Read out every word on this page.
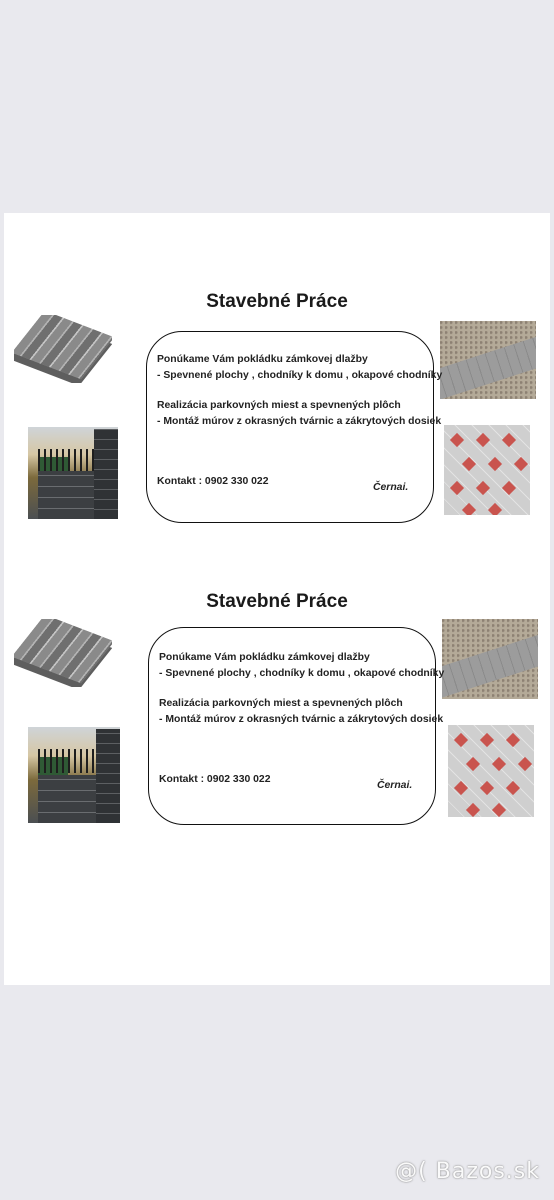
Stavebné Práce
Ponúkame Vám pokládku zámkovej dlažby
- Spevnené plochy , chodníky k domu , okapové chodníky
Realizácia parkovných miest a spevnených plôch
- Montáž múrov z okrasných tvárnic a zákrytových dosiek
Kontakt : 0902 330 022
Černai.
Stavebné Práce
Ponúkame Vám pokládku zámkovej dlažby
- Spevnené plochy , chodníky k domu , okapové chodníky
Realizácia parkovných miest a spevnených plôch
- Montáž múrov z okrasných tvárnic a zákrytových dosiek
Kontakt : 0902 330 022
Černai.
@( Bazos.sk
